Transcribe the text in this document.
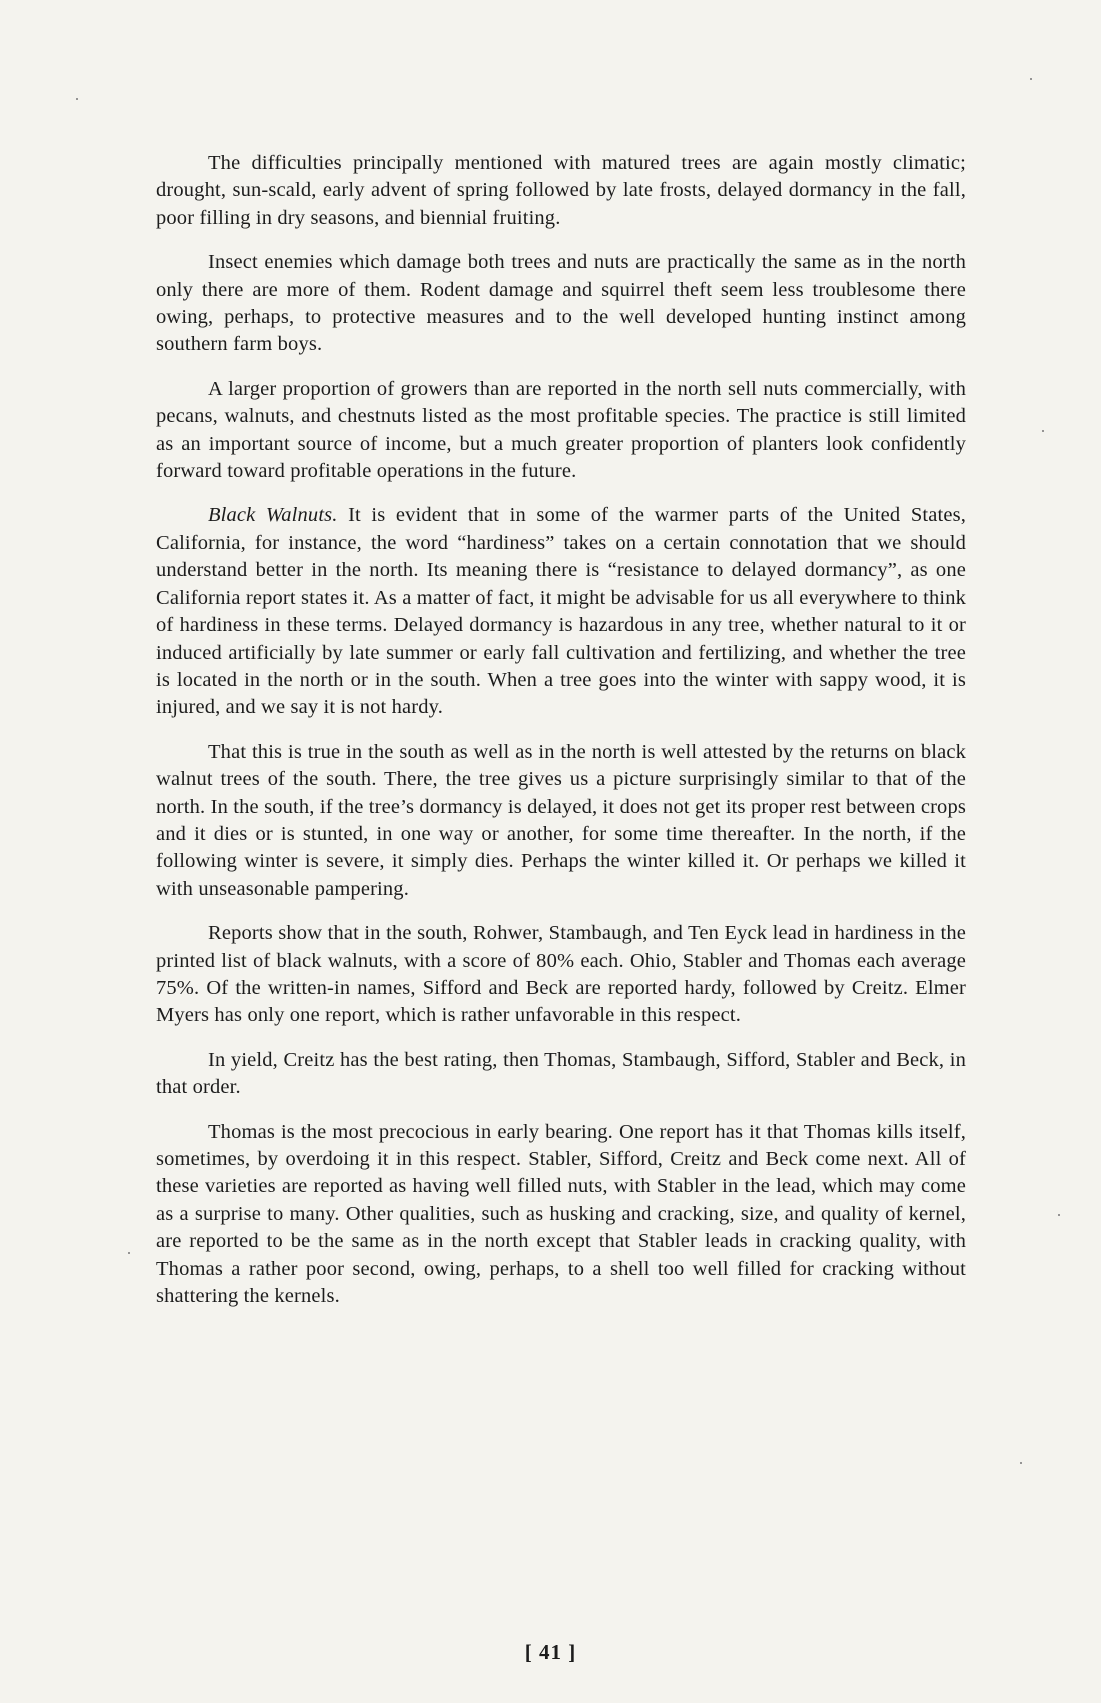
The difficulties principally mentioned with matured trees are again mostly climatic; drought, sun-scald, early advent of spring followed by late frosts, delayed dormancy in the fall, poor filling in dry seasons, and biennial fruiting.

Insect enemies which damage both trees and nuts are practically the same as in the north only there are more of them. Rodent damage and squirrel theft seem less troublesome there owing, perhaps, to protective measures and to the well developed hunting instinct among southern farm boys.

A larger proportion of growers than are reported in the north sell nuts commercially, with pecans, walnuts, and chestnuts listed as the most profitable species. The practice is still limited as an important source of income, but a much greater proportion of planters look confidently forward toward profitable operations in the future.

Black Walnuts. It is evident that in some of the warmer parts of the United States, California, for instance, the word “hardiness” takes on a certain connotation that we should understand better in the north. Its meaning there is “resistance to delayed dormancy”, as one California report states it. As a matter of fact, it might be advisable for us all everywhere to think of hardiness in these terms. Delayed dormancy is hazardous in any tree, whether natural to it or induced artificially by late summer or early fall cultivation and fertilizing, and whether the tree is located in the north or in the south. When a tree goes into the winter with sappy wood, it is injured, and we say it is not hardy.

That this is true in the south as well as in the north is well attested by the returns on black walnut trees of the south. There, the tree gives us a picture surprisingly similar to that of the north. In the south, if the tree’s dormancy is delayed, it does not get its proper rest between crops and it dies or is stunted, in one way or another, for some time thereafter. In the north, if the following winter is severe, it simply dies. Perhaps the winter killed it. Or perhaps we killed it with unseasonable pampering.

Reports show that in the south, Rohwer, Stambaugh, and Ten Eyck lead in hardiness in the printed list of black walnuts, with a score of 80% each. Ohio, Stabler and Thomas each average 75%. Of the written-in names, Sifford and Beck are reported hardy, followed by Creitz. Elmer Myers has only one report, which is rather unfavorable in this respect.

In yield, Creitz has the best rating, then Thomas, Stambaugh, Sifford, Stabler and Beck, in that order.

Thomas is the most precocious in early bearing. One report has it that Thomas kills itself, sometimes, by overdoing it in this respect. Stabler, Sifford, Creitz and Beck come next. All of these varieties are reported as having well filled nuts, with Stabler in the lead, which may come as a surprise to many. Other qualities, such as husking and cracking, size, and quality of kernel, are reported to be the same as in the north except that Stabler leads in cracking quality, with Thomas a rather poor second, owing, perhaps, to a shell too well filled for cracking without shattering the kernels.

[ 41 ]
